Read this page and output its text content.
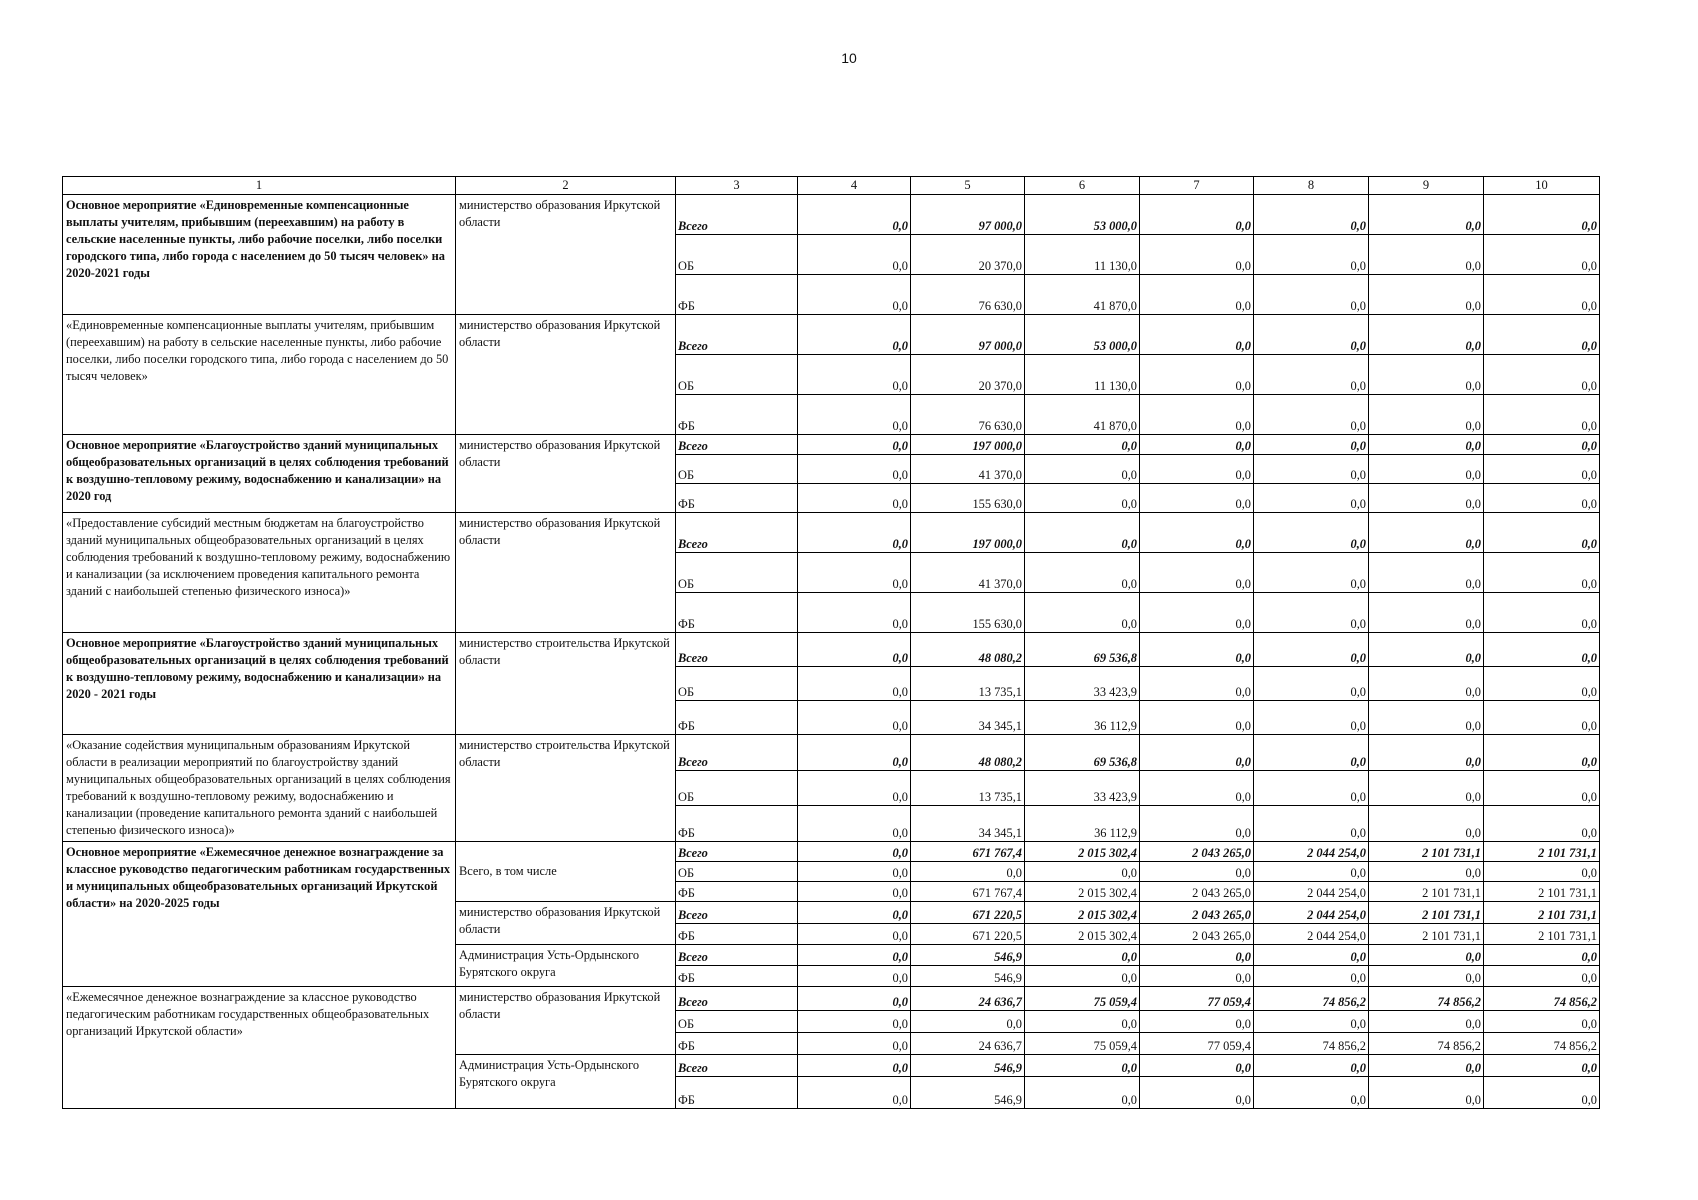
10
1	2	3	4	5	6	7	8	9	10
Основное мероприятие «Единовременные компенсационные выплаты учителям, прибывшим (переехавшим) на работу в сельские населенные пункты, либо рабочие поселки, либо поселки городского типа, либо города с населением до 50 тысяч человек» на 2020-2021 годы	министерство образования Иркутской области	Всего	0,0	97 000,0	53 000,0	0,0	0,0	0,0	0,0
		ОБ	0,0	20 370,0	11 130,0	0,0	0,0	0,0	0,0
		ФБ	0,0	76 630,0	41 870,0	0,0	0,0	0,0	0,0
«Единовременные компенсационные выплаты учителям, прибывшим (переехавшим) на работу в сельские населенные пункты, либо рабочие поселки, либо поселки городского типа, либо города с населением до 50 тысяч человек»	министерство образования Иркутской области	Всего	0,0	97 000,0	53 000,0	0,0	0,0	0,0	0,0
		ОБ	0,0	20 370,0	11 130,0	0,0	0,0	0,0	0,0
		ФБ	0,0	76 630,0	41 870,0	0,0	0,0	0,0	0,0
Основное мероприятие «Благоустройство зданий муниципальных общеобразовательных организаций в целях соблюдения требований к воздушно-тепловому режиму, водоснабжению и канализации» на 2020 год	министерство образования Иркутской области	Всего	0,0	197 000,0	0,0	0,0	0,0	0,0	0,0
		ОБ	0,0	41 370,0	0,0	0,0	0,0	0,0	0,0
		ФБ	0,0	155 630,0	0,0	0,0	0,0	0,0	0,0
«Предоставление субсидий местным бюджетам на благоустройство зданий муниципальных общеобразовательных организаций в целях соблюдения требований к воздушно-тепловому режиму, водоснабжению и канализации (за исключением проведения капитального ремонта зданий с наибольшей степенью физического износа)»	министерство образования Иркутской области	Всего	0,0	197 000,0	0,0	0,0	0,0	0,0	0,0
		ОБ	0,0	41 370,0	0,0	0,0	0,0	0,0	0,0
		ФБ	0,0	155 630,0	0,0	0,0	0,0	0,0	0,0
Основное мероприятие «Благоустройство зданий муниципальных общеобразовательных организаций в целях соблюдения требований к воздушно-тепловому режиму, водоснабжению и канализации» на 2020 - 2021 годы	министерство строительства Иркутской области	Всего	0,0	48 080,2	69 536,8	0,0	0,0	0,0	0,0
		ОБ	0,0	13 735,1	33 423,9	0,0	0,0	0,0	0,0
		ФБ	0,0	34 345,1	36 112,9	0,0	0,0	0,0	0,0
«Оказание содействия муниципальным образованиям Иркутской области в реализации мероприятий по благоустройству зданий муниципальных общеобразовательных организаций в целях соблюдения требований к воздушно-тепловому режиму, водоснабжению и канализации (проведение капитального ремонта зданий с наибольшей степенью физического износа)»	министерство строительства Иркутской области	Всего	0,0	48 080,2	69 536,8	0,0	0,0	0,0	0,0
		ОБ	0,0	13 735,1	33 423,9	0,0	0,0	0,0	0,0
		ФБ	0,0	34 345,1	36 112,9	0,0	0,0	0,0	0,0
Основное мероприятие «Ежемесячное денежное вознаграждение за классное руководство педагогическим работникам государственных и муниципальных общеобразовательных организаций Иркутской области» на 2020-2025 годы	Всего, в том числе	Всего	0,0	671 767,4	2 015 302,4	2 043 265,0	2 044 254,0	2 101 731,1	2 101 731,1
		ОБ	0,0	0,0	0,0	0,0	0,0	0,0	0,0
		ФБ	0,0	671 767,4	2 015 302,4	2 043 265,0	2 044 254,0	2 101 731,1	2 101 731,1
	министерство образования Иркутской области	Всего	0,0	671 220,5	2 015 302,4	2 043 265,0	2 044 254,0	2 101 731,1	2 101 731,1
		ФБ	0,0	671 220,5	2 015 302,4	2 043 265,0	2 044 254,0	2 101 731,1	2 101 731,1
	Администрация Усть-Ордынского Бурятского округа	Всего	0,0	546,9	0,0	0,0	0,0	0,0	0,0
		ФБ	0,0	546,9	0,0	0,0	0,0	0,0	0,0
«Ежемесячное денежное вознаграждение за классное руководство педагогическим работникам государственных общеобразовательных организаций Иркутской области»	министерство образования Иркутской области	Всего	0,0	24 636,7	75 059,4	77 059,4	74 856,2	74 856,2	74 856,2
		ОБ	0,0	0,0	0,0	0,0	0,0	0,0	0,0
		ФБ	0,0	24 636,7	75 059,4	77 059,4	74 856,2	74 856,2	74 856,2
	Администрация Усть-Ордынского Бурятского округа	Всего	0,0	546,9	0,0	0,0	0,0	0,0	0,0
		ФБ	0,0	546,9	0,0	0,0	0,0	0,0	0,0
